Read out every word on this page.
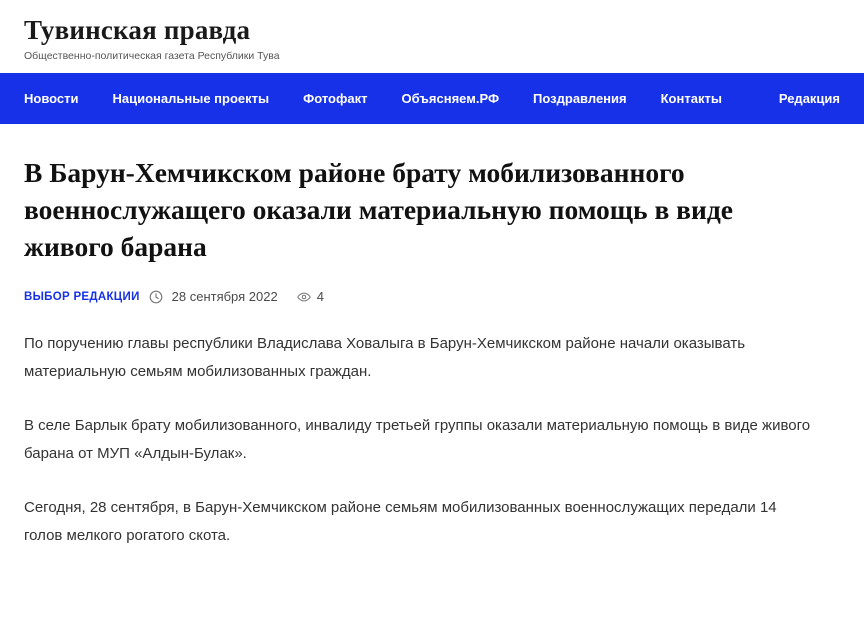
Тувинская правда
Общественно-политическая газета Республики Тува
Новости	Национальные проекты	Фотофакт	Объясняем.РФ	Поздравления	Контакты	Редакция
В Барун-Хемчикском районе брату мобилизованного военнослужащего оказали материальную помощь в виде живого барана
ВЫБОР РЕДАКЦИИ 28 сентября 2022	4

По поручению главы республики Владислава Ховалыга в Барун-Хемчикском районе начали оказывать материальную семьям мобилизованных граждан.

В селе Барлык брату мобилизованного, инвалиду третьей группы оказали материальную помощь в виде живого барана от МУП «Алдын-Булак».

Сегодня, 28 сентября, в Барун-Хемчикском районе семьям мобилизованных военнослужащих передали 14 голов мелкого рогатого скота.
